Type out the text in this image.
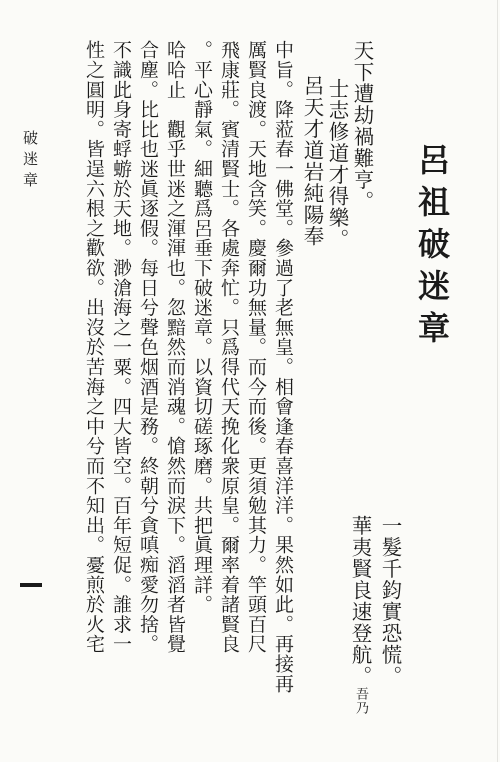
呂祖破迷章
天下遭劫禍難亨。
士志修道才得樂。
呂天才道岩純陽奉
一髮千鈞實恐慌。
華夷賢良速登航。吾乃
中旨。降蒞春一佛堂。參過了老無皇。相會逢春喜洋洋。果然如此。再接再
厲賢良渡。天地含笑。慶爾功無量。而今而後。更須勉其力。竿頭百尺
飛康莊。賓清賢士。各處奔忙。只爲得代天挽化衆原皇。爾率着諸賢良
。平心靜氣。細聽爲呂垂下破迷章。以資切磋琢磨。共把眞理詳。
哈哈止　觀乎世迷之渾渾也。忽黯然而消魂。愴然而淚下。滔滔者皆覺
合塵。比比也迷眞逐假。每日兮聲色烟酒是務。終朝兮貪嗔痴愛勿捨。
不識此身寄蜉蝣於天地。渺滄海之一粟。四大皆空。百年短促。誰求一
性之圓明。皆逞六根之歡欲。出沒於苦海之中兮而不知出。憂煎於火宅
破迷章
